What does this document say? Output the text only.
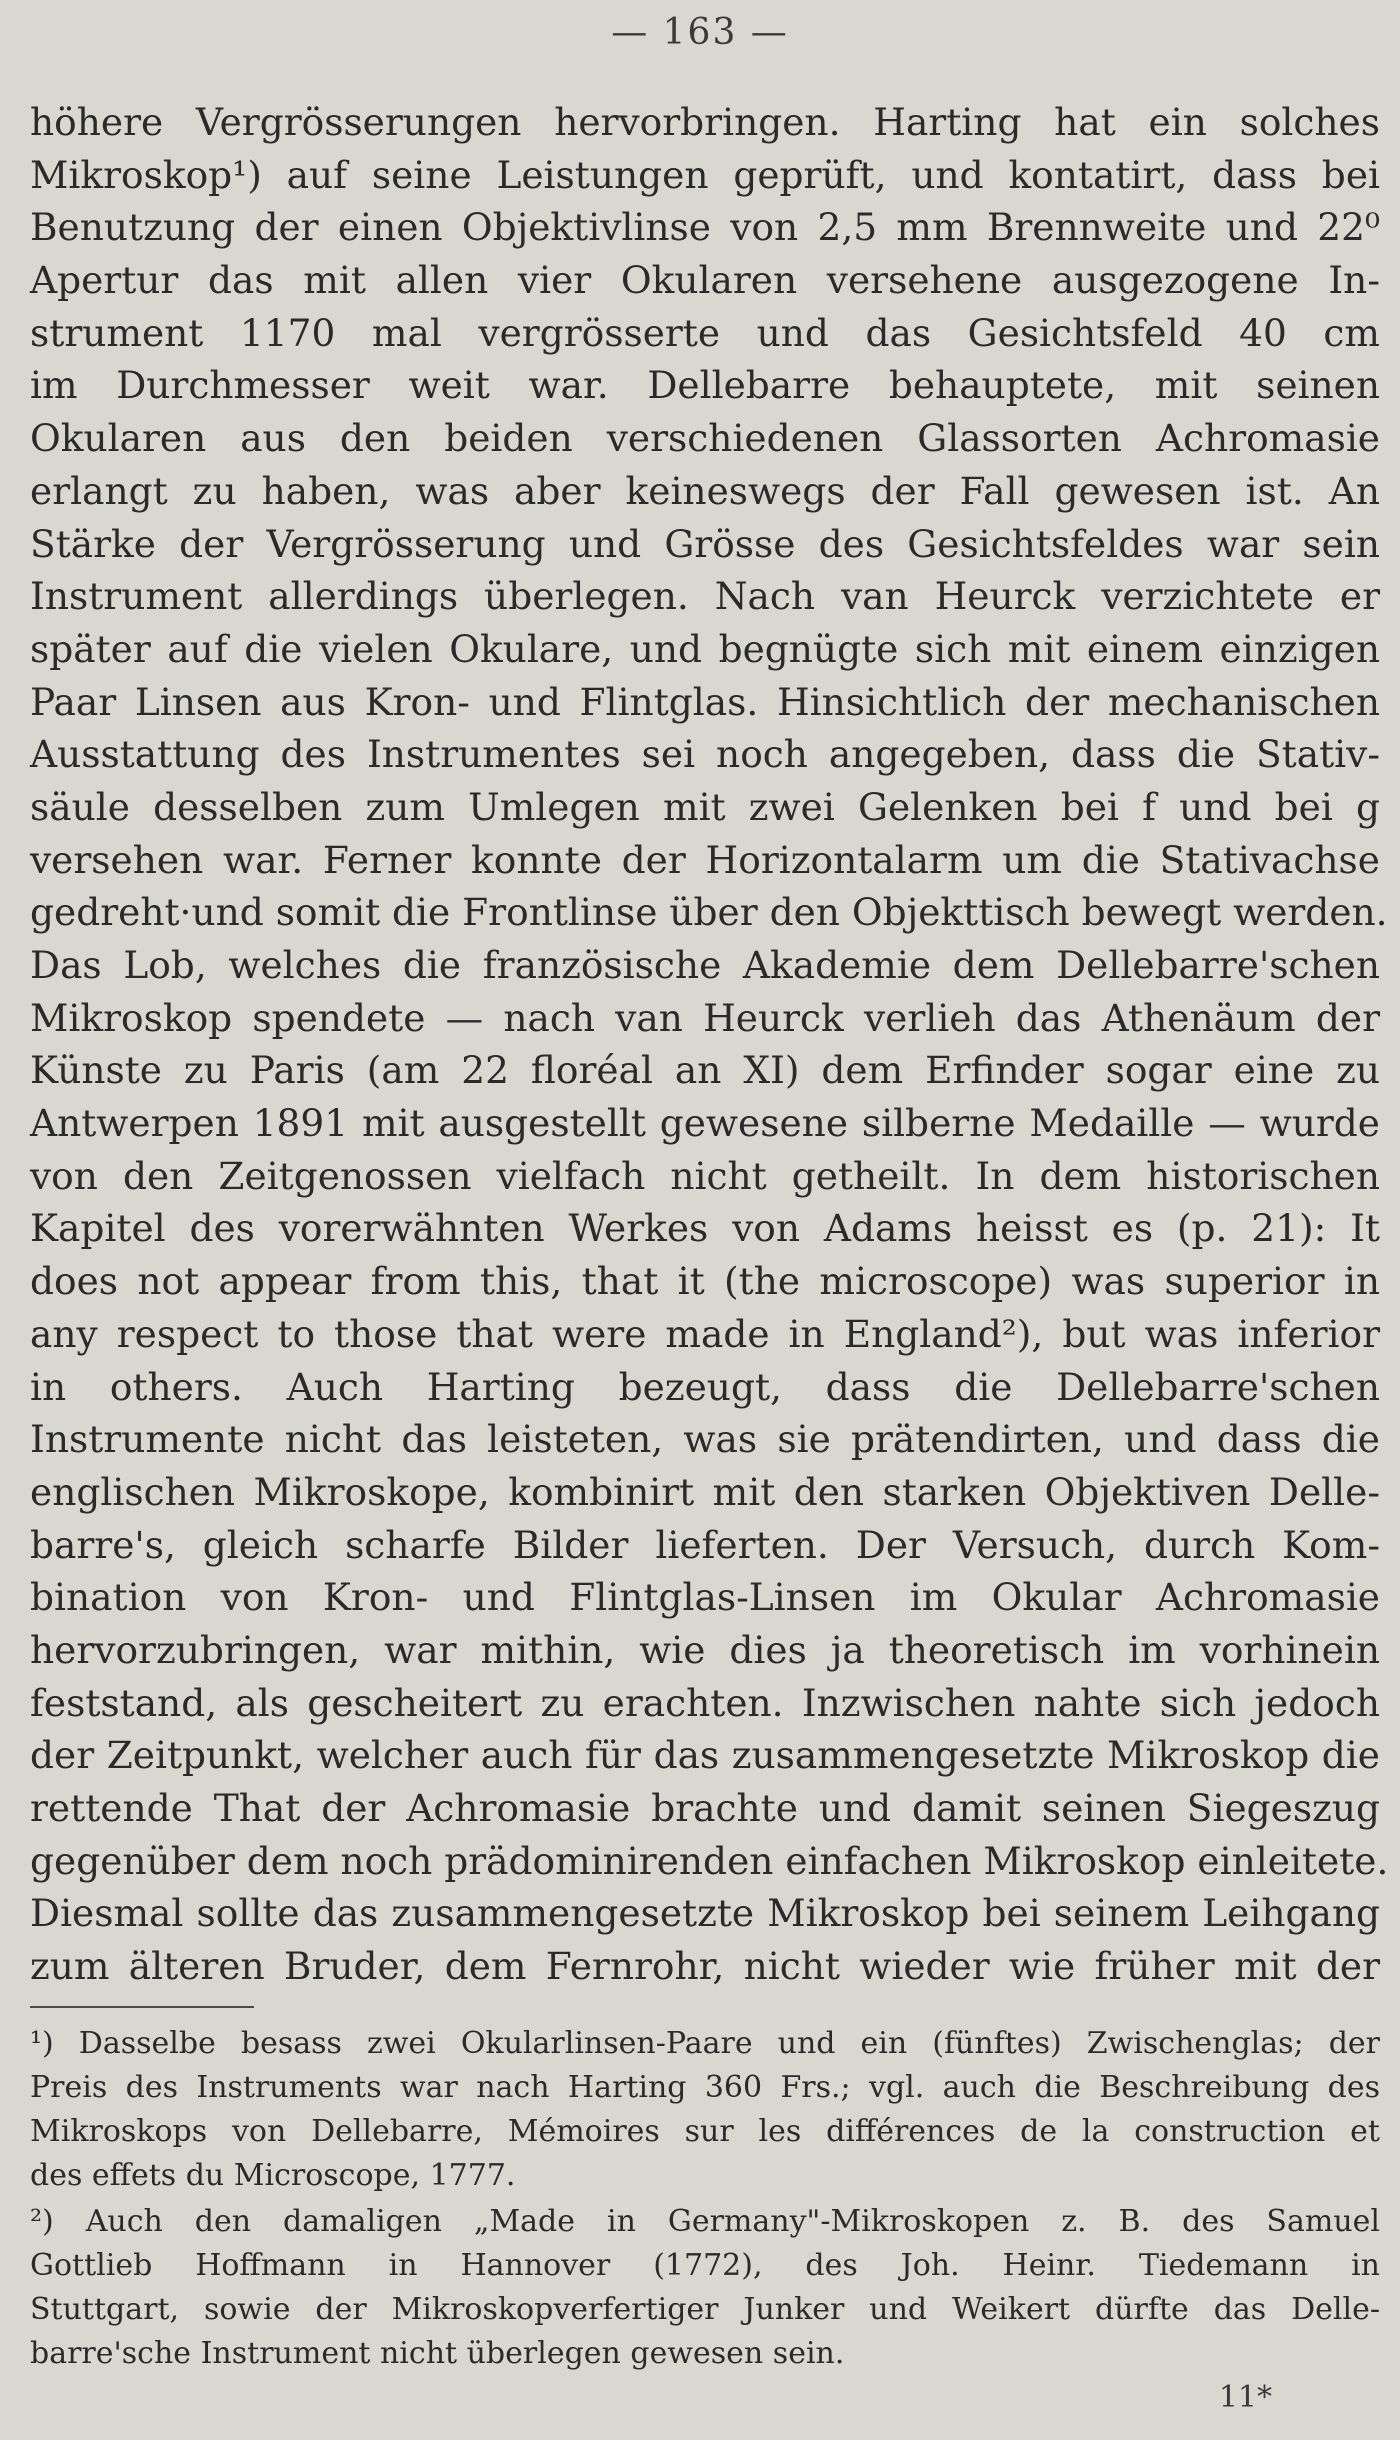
— 163 —
höhere Vergrösserungen hervorbringen. Harting hat ein solches
Mikroskop¹) auf seine Leistungen geprüft, und kontatirt, dass bei
Benutzung der einen Objektivlinse von 2,5 mm Brennweite und 22⁰
Apertur das mit allen vier Okularen versehene ausgezogene In-
strument 1170 mal vergrösserte und das Gesichtsfeld 40 cm
im Durchmesser weit war. Dellebarre behauptete, mit seinen
Okularen aus den beiden verschiedenen Glassorten Achromasie
erlangt zu haben, was aber keineswegs der Fall gewesen ist. An
Stärke der Vergrösserung und Grösse des Gesichtsfeldes war sein
Instrument allerdings überlegen. Nach van Heurck verzichtete er
später auf die vielen Okulare, und begnügte sich mit einem einzigen
Paar Linsen aus Kron- und Flintglas. Hinsichtlich der mechanischen
Ausstattung des Instrumentes sei noch angegeben, dass die Stativ-
säule desselben zum Umlegen mit zwei Gelenken bei f und bei g
versehen war. Ferner konnte der Horizontalarm um die Stativachse
gedreht·und somit die Frontlinse über den Objekttisch bewegt werden.
Das Lob, welches die französische Akademie dem Dellebarre'schen
Mikroskop spendete — nach van Heurck verlieh das Athenäum der
Künste zu Paris (am 22 floréal an XI) dem Erfinder sogar eine zu
Antwerpen 1891 mit ausgestellt gewesene silberne Medaille — wurde
von den Zeitgenossen vielfach nicht getheilt. In dem historischen
Kapitel des vorerwähnten Werkes von Adams heisst es (p. 21): It
does not appear from this, that it (the microscope) was superior in
any respect to those that were made in England²), but was inferior
in others. Auch Harting bezeugt, dass die Dellebarre'schen
Instrumente nicht das leisteten, was sie prätendirten, und dass die
englischen Mikroskope, kombinirt mit den starken Objektiven Delle-
barre's, gleich scharfe Bilder lieferten. Der Versuch, durch Kom-
bination von Kron- und Flintglas-Linsen im Okular Achromasie
hervorzubringen, war mithin, wie dies ja theoretisch im vorhinein
feststand, als gescheitert zu erachten. Inzwischen nahte sich jedoch
der Zeitpunkt, welcher auch für das zusammengesetzte Mikroskop die
rettende That der Achromasie brachte und damit seinen Siegeszug
gegenüber dem noch prädominirenden einfachen Mikroskop einleitete.
Diesmal sollte das zusammengesetzte Mikroskop bei seinem Leihgang
zum älteren Bruder, dem Fernrohr, nicht wieder wie früher mit der
¹) Dasselbe besass zwei Okularlinsen-Paare und ein (fünftes) Zwischenglas; der
Preis des Instruments war nach Harting 360 Frs.; vgl. auch die Beschreibung des
Mikroskops von Dellebarre, Mémoires sur les différences de la construction et
des effets du Microscope, 1777.
²) Auch den damaligen „Made in Germany"-Mikroskopen z. B. des Samuel
Gottlieb Hoffmann in Hannover (1772), des Joh. Heinr. Tiedemann in
Stuttgart, sowie der Mikroskopverfertiger Junker und Weikert dürfte das Delle-
barre'sche Instrument nicht überlegen gewesen sein.
11*
